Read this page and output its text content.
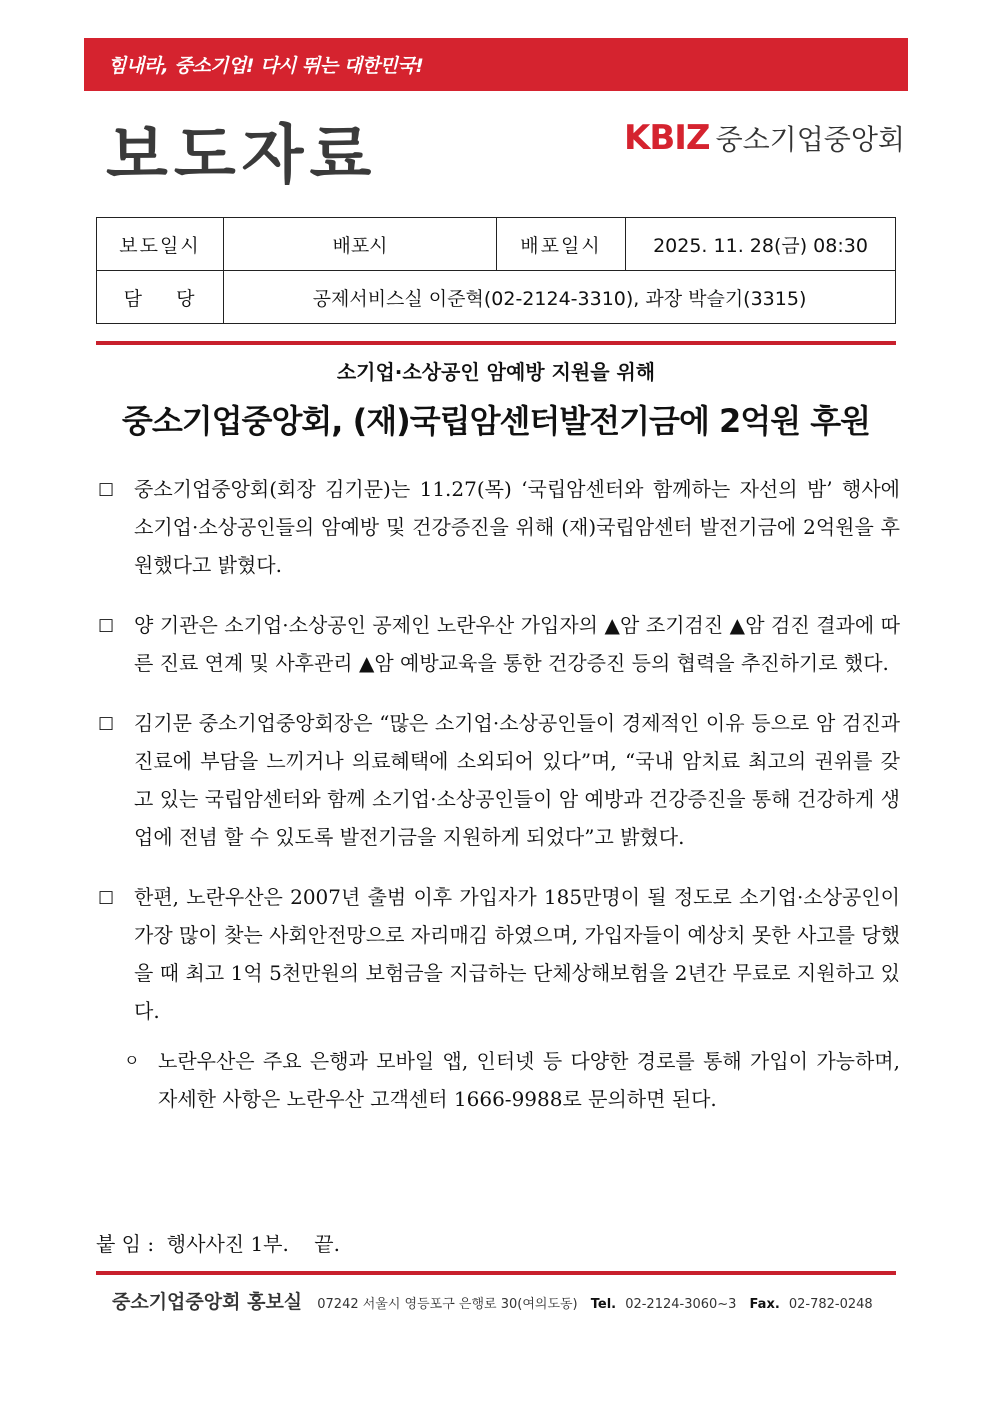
힘내라, 중소기업! 다시 뛰는 대한민국!
보도자료	KBIZ 중소기업중앙회
보도일시	배포시	배포일시	2025. 11. 28(금) 08:30
담    당	공제서비스실 이준혁(02-2124-3310), 과장 박슬기(3315)		
소기업·소상공인 암예방 지원을 위해
중소기업중앙회, (재)국립암센터발전기금에 2억원 후원
□ 중소기업중앙회(회장 김기문)는 11.27(목) ‘국립암센터와 함께하는 자선의 밤’ 행사에 소기업·소상공인들의 암예방 및 건강증진을 위해 (재)국립암센터 발전기금에 2억원을 후원했다고 밝혔다.
□ 양 기관은 소기업·소상공인 공제인 노란우산 가입자의 ▲암 조기검진 ▲암 검진 결과에 따른 진료 연계 및 사후관리 ▲암 예방교육을 통한 건강증진 등의 협력을 추진하기로 했다.
□ 김기문 중소기업중앙회장은 “많은 소기업·소상공인들이 경제적인 이유 등으로 암 검진과 진료에 부담을 느끼거나 의료혜택에 소외되어 있다”며, “국내 암치료 최고의 권위를 갖고 있는 국립암센터와 함께 소기업·소상공인들이 암 예방과 건강증진을 통해 건강하게 생업에 전념 할 수 있도록 발전기금을 지원하게 되었다”고 밝혔다.
□ 한편, 노란우산은 2007년 출범 이후 가입자가 185만명이 될 정도로 소기업·소상공인이 가장 많이 찾는 사회안전망으로 자리매김 하였으며, 가입자들이 예상치 못한 사고를 당했을 때 최고 1억 5천만원의 보험금을 지급하는 단체상해보험을 2년간 무료로 지원하고 있다.
ㅇ 노란우산은 주요 은행과 모바일 앱, 인터넷 등 다양한 경로를 통해 가입이 가능하며, 자세한 사항은 노란우산 고객센터 1666-9988로 문의하면 된다.
붙 임 :  행사사진 1부.    끝.
중소기업중앙회 홍보실 07242 서울시 영등포구 은행로 30(여의도동) Tel. 02-2124-3060~3 Fax. 02-782-0248
